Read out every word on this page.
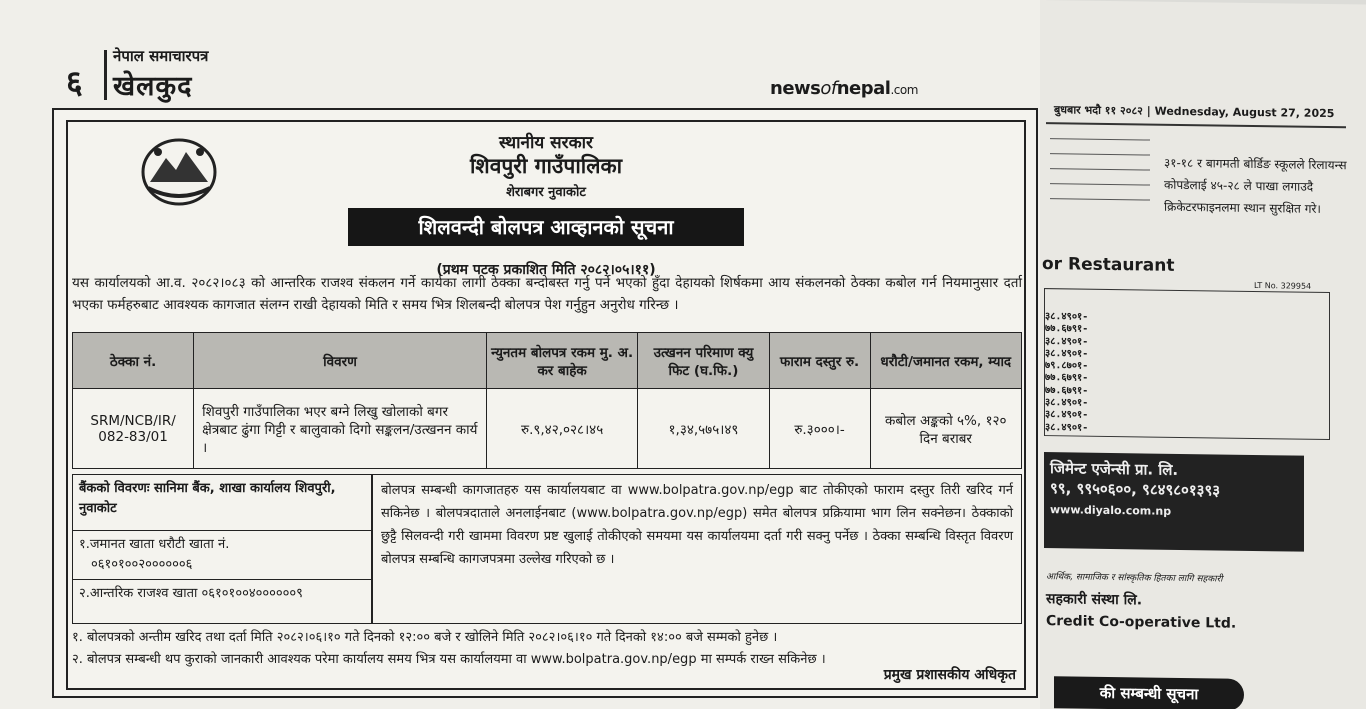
६
नेपाल समाचारपत्र
खेलकुद	newsofnepal.com
स्थानीय सरकार
शिवपुरी गाउँपालिका
शेराबगर नुवाकोट
शिलवन्दी बोलपत्र आव्हानको सूचना
(प्रथम पटक प्रकाशित मिति २०८२।०५।११)
यस कार्यालयको आ.व. २०८२।०८३ को आन्तरिक राजश्व संकलन गर्ने कार्यका लागी ठेक्का बन्दोबस्त गर्नु पर्ने भएको हुँदा देहायको शिर्षकमा आय संकलनको ठेक्का कबोल गर्न नियमानुसार दर्ता भएका फर्महरुबाट आवश्यक कागजात संलग्न राखी देहायको मिति र समय भित्र शिलबन्दी बोलपत्र पेश गर्नुहुन अनुरोध गरिन्छ ।
ठेक्का नं.	विवरण	न्युनतम बोलपत्र रकम मु. अ. कर बाहेक	उत्खनन परिमाण क्यु फिट (घ.फि.)	फाराम दस्तुर रु.	धरौटी/जमानत रकम, म्याद
SRM/NCB/IR/ 082-83/01	शिवपुरी गाउँपालिका भएर बग्ने लिखु खोलाको बगर क्षेत्रबाट ढुंगा गिट्टी र बालुवाको दिगो सङ्कलन/उत्खनन कार्य ।	रु.९,४२,०२८।४५	१,३४,५७५।४९	रु.३०००।-	कबोल अङ्कको ५%, १२० दिन बराबर
बैंकको विवरणः सानिमा बैंक, शाखा कार्यालय शिवपुरी, नुवाकोट
१.जमानत खाता धरौटी खाता नं.
०६१०१००२००००००६
२.आन्तरिक राजश्व खाता ०६१०१००४००००००९
बोलपत्र सम्बन्धी कागजातहरु यस कार्यालयबाट वा www.bolpatra.gov.np/egp बाट तोकीएको फाराम दस्तुर तिरी खरिद गर्न सकिनेछ । बोलपत्रदाताले अनलाईनबाट (www.bolpatra.gov.np/egp) समेत बोलपत्र प्रक्रियामा भाग लिन सक्नेछन। ठेक्काको छुट्टै सिलवन्दी गरी खाममा विवरण प्रष्ट खुलाई तोकीएको समयमा यस कार्यालयमा दर्ता गरी सक्नु पर्नेछ । ठेक्का सम्बन्धि विस्तृत विवरण बोलपत्र सम्बन्धि कागजपत्रमा उल्लेख गरिएको छ ।
१. बोलपत्रको अन्तीम खरिद तथा दर्ता मिति २०८२।०६।१० गते दिनको १२:०० बजे र खोलिने मिति २०८२।०६।१० गते दिनको १४:०० बजे सम्मको हुनेछ ।
२. बोलपत्र सम्बन्धी थप कुराको जानकारी आवश्यक परेमा कार्यालय समय भित्र यस कार्यालयमा वा www.bolpatra.gov.np/egp मा सम्पर्क राख्न सकिनेछ ।
प्रमुख प्रशासकीय अधिकृत
बुधबार भदौ ११ २०८२ | Wednesday, August 27, 2025
३१-१८ र बागमती बोर्डिङ स्कूलले रिलायन्स कोपडेलाई ४५-२८ ले पाखा लगाउदै क्रिकेटरफाइनलमा स्थान सुरक्षित गरे।
or Restaurant
LT No. 329954
३८.४९०१-
७७.६७९१-
३८.४९०१-
३८.४९०१-
७९.८७०१-
७७.६७९१-
७७.६७९१-
३८.४९०१-
३८.४९०१-
३८.४९०१-
जिमेन्ट एजेन्सी प्रा. लि.
९९, ९९५०६००, ९८४९८०१३९३
www.diyalo.com.np
आर्थिक, सामाजिक र सांस्कृतिक हितका लागि सहकारी
सहकारी संस्था लि.
Credit Co-operative Ltd.
की सम्बन्धी सूचना
